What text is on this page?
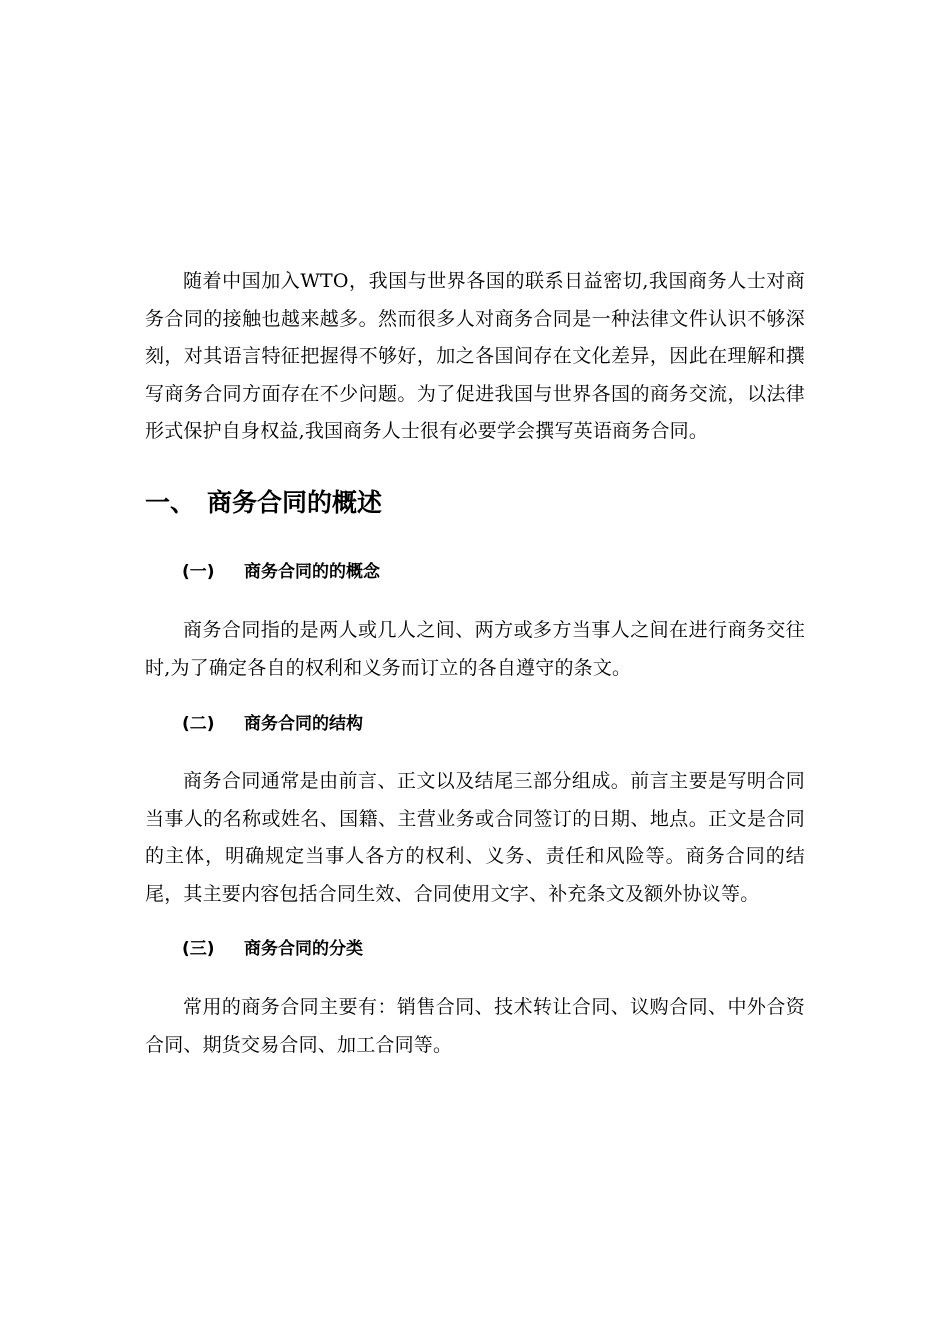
随着中国加入WTO，我国与世界各国的联系日益密切,我国商务人士对商务合同的接触也越来越多。然而很多人对商务合同是一种法律文件认识不够深刻，对其语言特征把握得不够好，加之各国间存在文化差异，因此在理解和撰写商务合同方面存在不少问题。为了促进我国与世界各国的商务交流，以法律形式保护自身权益,我国商务人士很有必要学会撰写英语商务合同。

一、 商务合同的概述
(一) 商务合同的的概念

商务合同指的是两人或几人之间、两方或多方当事人之间在进行商务交往时,为了确定各自的权利和义务而订立的各自遵守的条文。

(二) 商务合同的结构

商务合同通常是由前言、正文以及结尾三部分组成。前言主要是写明合同当事人的名称或姓名、国籍、主营业务或合同签订的日期、地点。正文是合同的主体，明确规定当事人各方的权利、义务、责任和风险等。商务合同的结尾，其主要内容包括合同生效、合同使用文字、补充条文及额外协议等。

(三) 商务合同的分类

常用的商务合同主要有：销售合同、技术转让合同、议购合同、中外合资合同、期货交易合同、加工合同等。
